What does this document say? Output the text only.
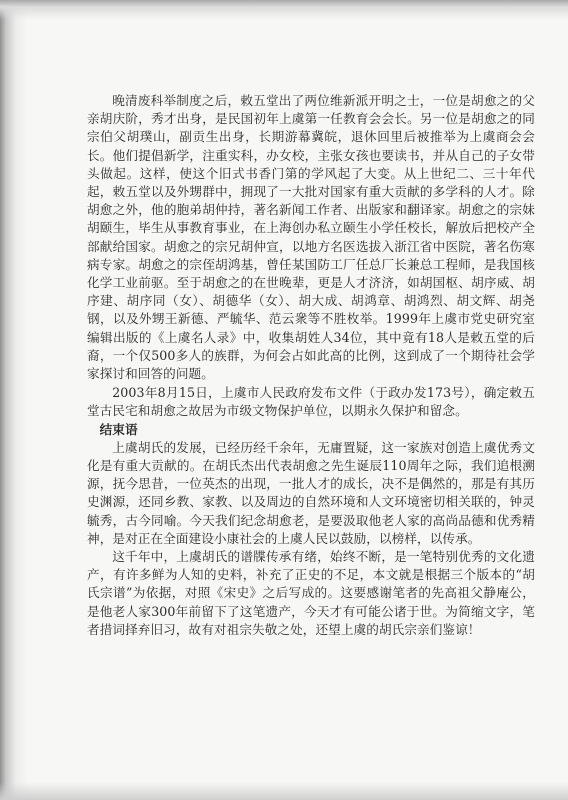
晚清废科举制度之后，敕五堂出了两位维新派开明之士，一位是胡愈之的父亲胡庆阶，秀才出身，是民国初年上虞第一任教育会会长。另一位是胡愈之的同宗伯父胡璞山，副贡生出身，长期游幕冀皖，退休回里后被推举为上虞商会会长。他们提倡新学，注重实科，办女校，主张女孩也要读书，并从自己的子女带头做起。这样，使这个旧式书香门第的学风起了大变。从上世纪二、三十年代起，敕五堂以及外甥群中，拥现了一大批对国家有重大贡献的多学科的人才。除胡愈之外，他的胞弟胡仲持，著名新闻工作者、出版家和翻译家。胡愈之的宗妹胡颐生，毕生从事教育事业，在上海创办私立颐生小学任校长，解放后把校产全部献给国家。胡愈之的宗兄胡仲宣，以地方名医选拔入浙江省中医院，著名伤寒病专家。胡愈之的宗侄胡鸿基，曾任某国防工厂任总厂长兼总工程师，是我国核化学工业前驱。至于胡愈之的在世晚辈，更是人才济济，如胡国枢、胡序威、胡序建、胡序同（女）、胡德华（女）、胡大成、胡鸿章、胡鸿烈、胡文辉、胡尧钢，以及外甥王新德、严毓华、范云衆等不胜枚举。1999年上虞市党史研究室编辑出版的《上虞名人录》中，收集胡姓人34位，其中竟有18人是敕五堂的后裔，一个仅500多人的族群，为何会占如此高的比例，这到成了一个期待社会学家探讨和回答的问题。

2003年8月15日，上虞市人民政府发布文件（于政办发173号），确定敕五堂古民宅和胡愈之故居为市级文物保护单位，以期永久保护和留念。

结束语

上虞胡氏的发展，已经历经千余年，无庸置疑，这一家族对创造上虞优秀文化是有重大贡献的。在胡氏杰出代表胡愈之先生诞辰110周年之际，我们追根溯源，抚今思昔，一位英杰的出现，一批人才的成长，决不是偶然的，那是有其历史渊源，还同乡教、家教、以及周边的自然环境和人文环境密切相关联的，钟灵毓秀，古今同喻。今天我们纪念胡愈老，是要汲取他老人家的高尚品德和优秀精神，是对正在全面建设小康社会的上虞人民以鼓励，以榜样，以传承。

这千年中，上虞胡氏的谱牒传承有绪，始终不断，是一笔特别优秀的文化遗产，有许多鲜为人知的史料，补充了正史的不足，本文就是根据三个版本的“胡氏宗谱”为依据，对照《宋史》之后写成的。这要感谢笔者的先高祖父静庵公，是他老人家300年前留下了这笔遗产，今天才有可能公诸于世。为简缩文字，笔者措词择弃旧习，故有对祖宗失敬之处，还望上虞的胡氏宗亲们鉴谅！
